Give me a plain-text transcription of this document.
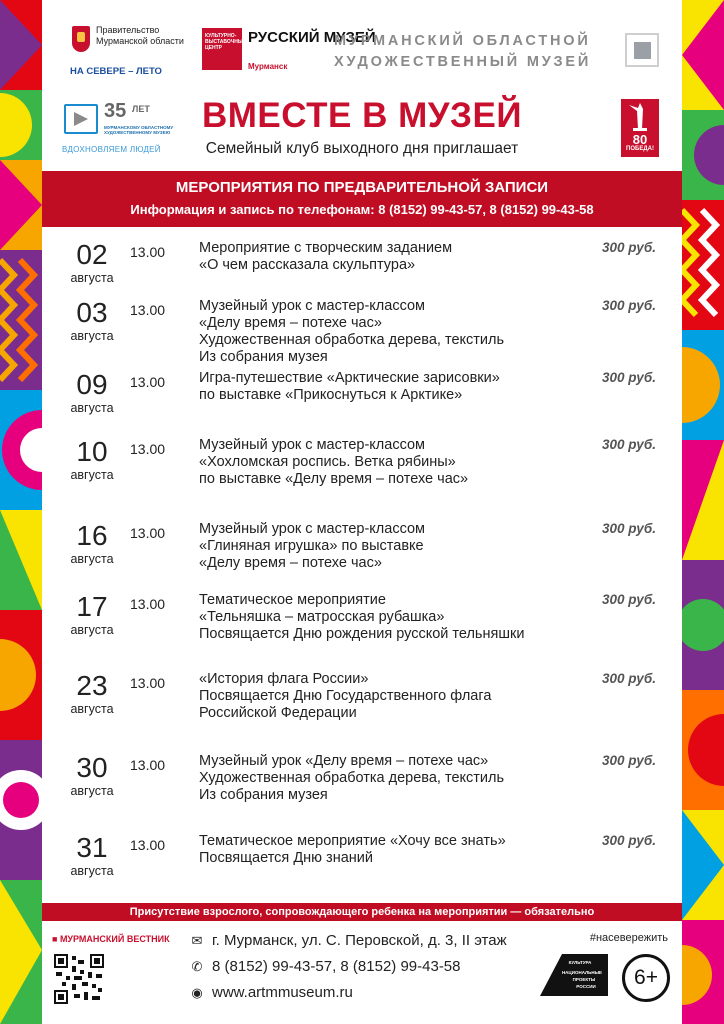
Правительство Мурманской области
НА СЕВЕРЕ – ЛЕТО
КУЛЬТУРНО-ВЫСТАВОЧНЫЙ ЦЕНТР
РУССКИЙ МУЗЕЙ
Мурманск
МУРМАНСКИЙ ОБЛАСТНОЙ
ХУДОЖЕСТВЕННЫЙ МУЗЕЙ
35 ЛЕТ
МУРМАНСКОМУ ОБЛАСТНОМУ ХУДОЖЕСТВЕННОМУ МУЗЕЮ
ВДОХНОВЛЯЕМ ЛЮДЕЙ
ВМЕСТЕ В МУЗЕЙ
Семейный клуб выходного дня приглашает
80
ПОБЕДА!
МЕРОПРИЯТИЯ ПО ПРЕДВАРИТЕЛЬНОЙ ЗАПИСИ
Информация и запись по телефонам: 8 (8152) 99-43-57, 8 (8152) 99-43-58
02
августа
13.00 Мероприятие с творческим заданием
«О чем рассказала скульптура»
300 руб.
03
августа
13.00 Музейный урок с мастер-классом
«Делу время – потехе час»
Художественная обработка дерева, текстиль
Из собрания музея
300 руб.
09
августа
13.00 Игра-путешествие «Арктические зарисовки»
по выставке «Прикоснуться к Арктике»
300 руб.
10
августа
13.00 Музейный урок с мастер-классом
«Хохломская роспись. Ветка рябины»
по выставке «Делу время – потехе час»
300 руб.
16
августа
13.00 Музейный урок с мастер-классом
«Глиняная игрушка» по выставке
«Делу время – потехе час»
300 руб.
17
августа
13.00 Тематическое мероприятие
«Тельняшка – матросская рубашка»
Посвящается Дню рождения русской тельняшки
300 руб.
23
августа
13.00 «История флага России»
Посвящается Дню Государственного флага
Российской Федерации
300 руб.
30
августа
13.00 Музейный урок «Делу время – потехе час»
Художественная обработка дерева, текстиль
Из собрания музея
300 руб.
31
августа
13.00 Тематическое мероприятие «Хочу все знать»
Посвящается Дню знаний
300 руб.
Присутствие взрослого, сопровождающего ребенка на мероприятии — обязательно
■ МУРМАНСКИЙ ВЕСТНИК ✉ г. Мурманск, ул. С. Перовской, д. 3, II этаж
✆ 8 (8152) 99-43-57, 8 (8152) 99-43-58
◉ www.artmmuseum.ru
#насевережить
КУЛЬТУРА
НАЦИОНАЛЬНЫЕ
ПРОЕКТЫ
РОССИИ	6+
